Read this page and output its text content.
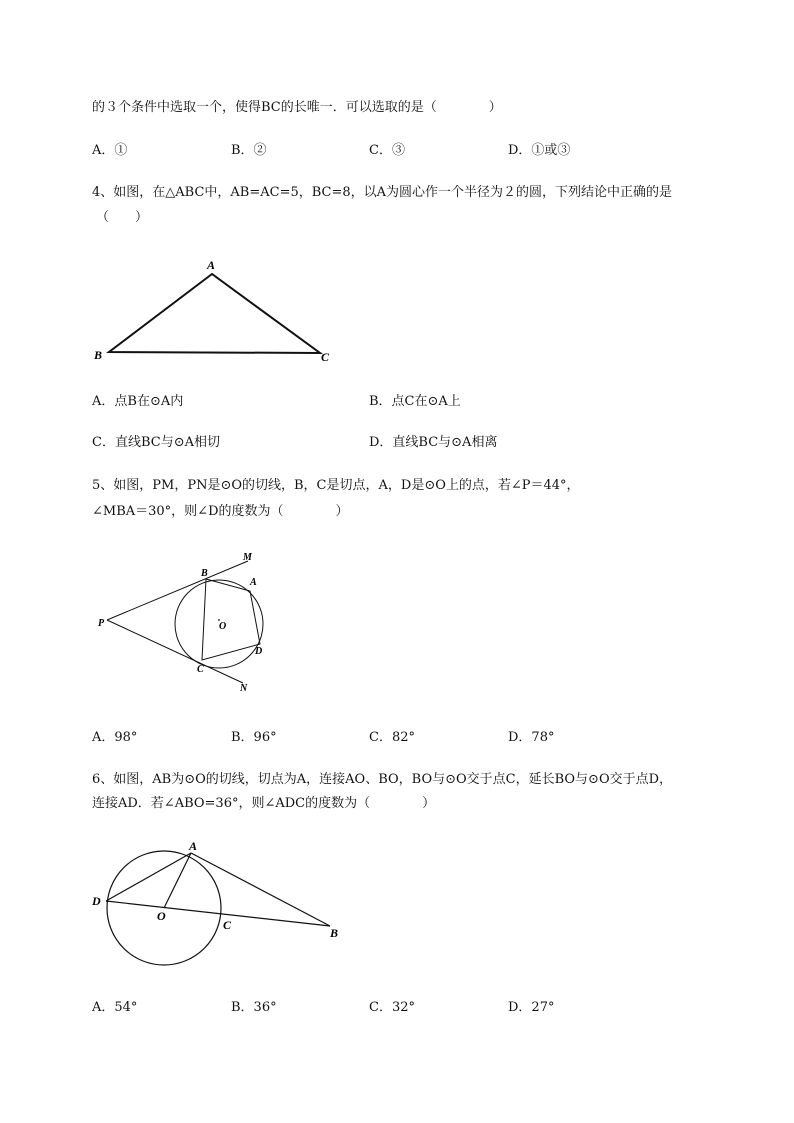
的３个条件中选取一个，使得BC的长唯一．可以选取的是（　　　　）
A．①	B．②	C．③	D．①或③
4、如图，在△ABC中，AB=AC=5，BC=8，以A为圆心作一个半径为２的圆，下列结论中正确的是
（　　）
A
B	C
A．点B在⊙A内	B．点C在⊙A上
C．直线BC与⊙A相切	D．直线BC与⊙A相离
5、如图，PM，PN是⊙O的切线，B，C是切点，A，D是⊙O上的点，若∠P＝44°，
∠MBA＝30°，则∠D的度数为（　　　　）
P
M
N
B
A
O
C
D
A．98°	B．96°	C．82°	D．78°
6、如图，AB为⊙O的切线，切点为A，连接AO、BO，BO与⊙O交于点C，延长BO与⊙O交于点D，
连接AD．若∠ABO=36°，则∠ADC的度数为（　　　　）
A
D
O
C
B
A．54°	B．36°	C．32°	D．27°
